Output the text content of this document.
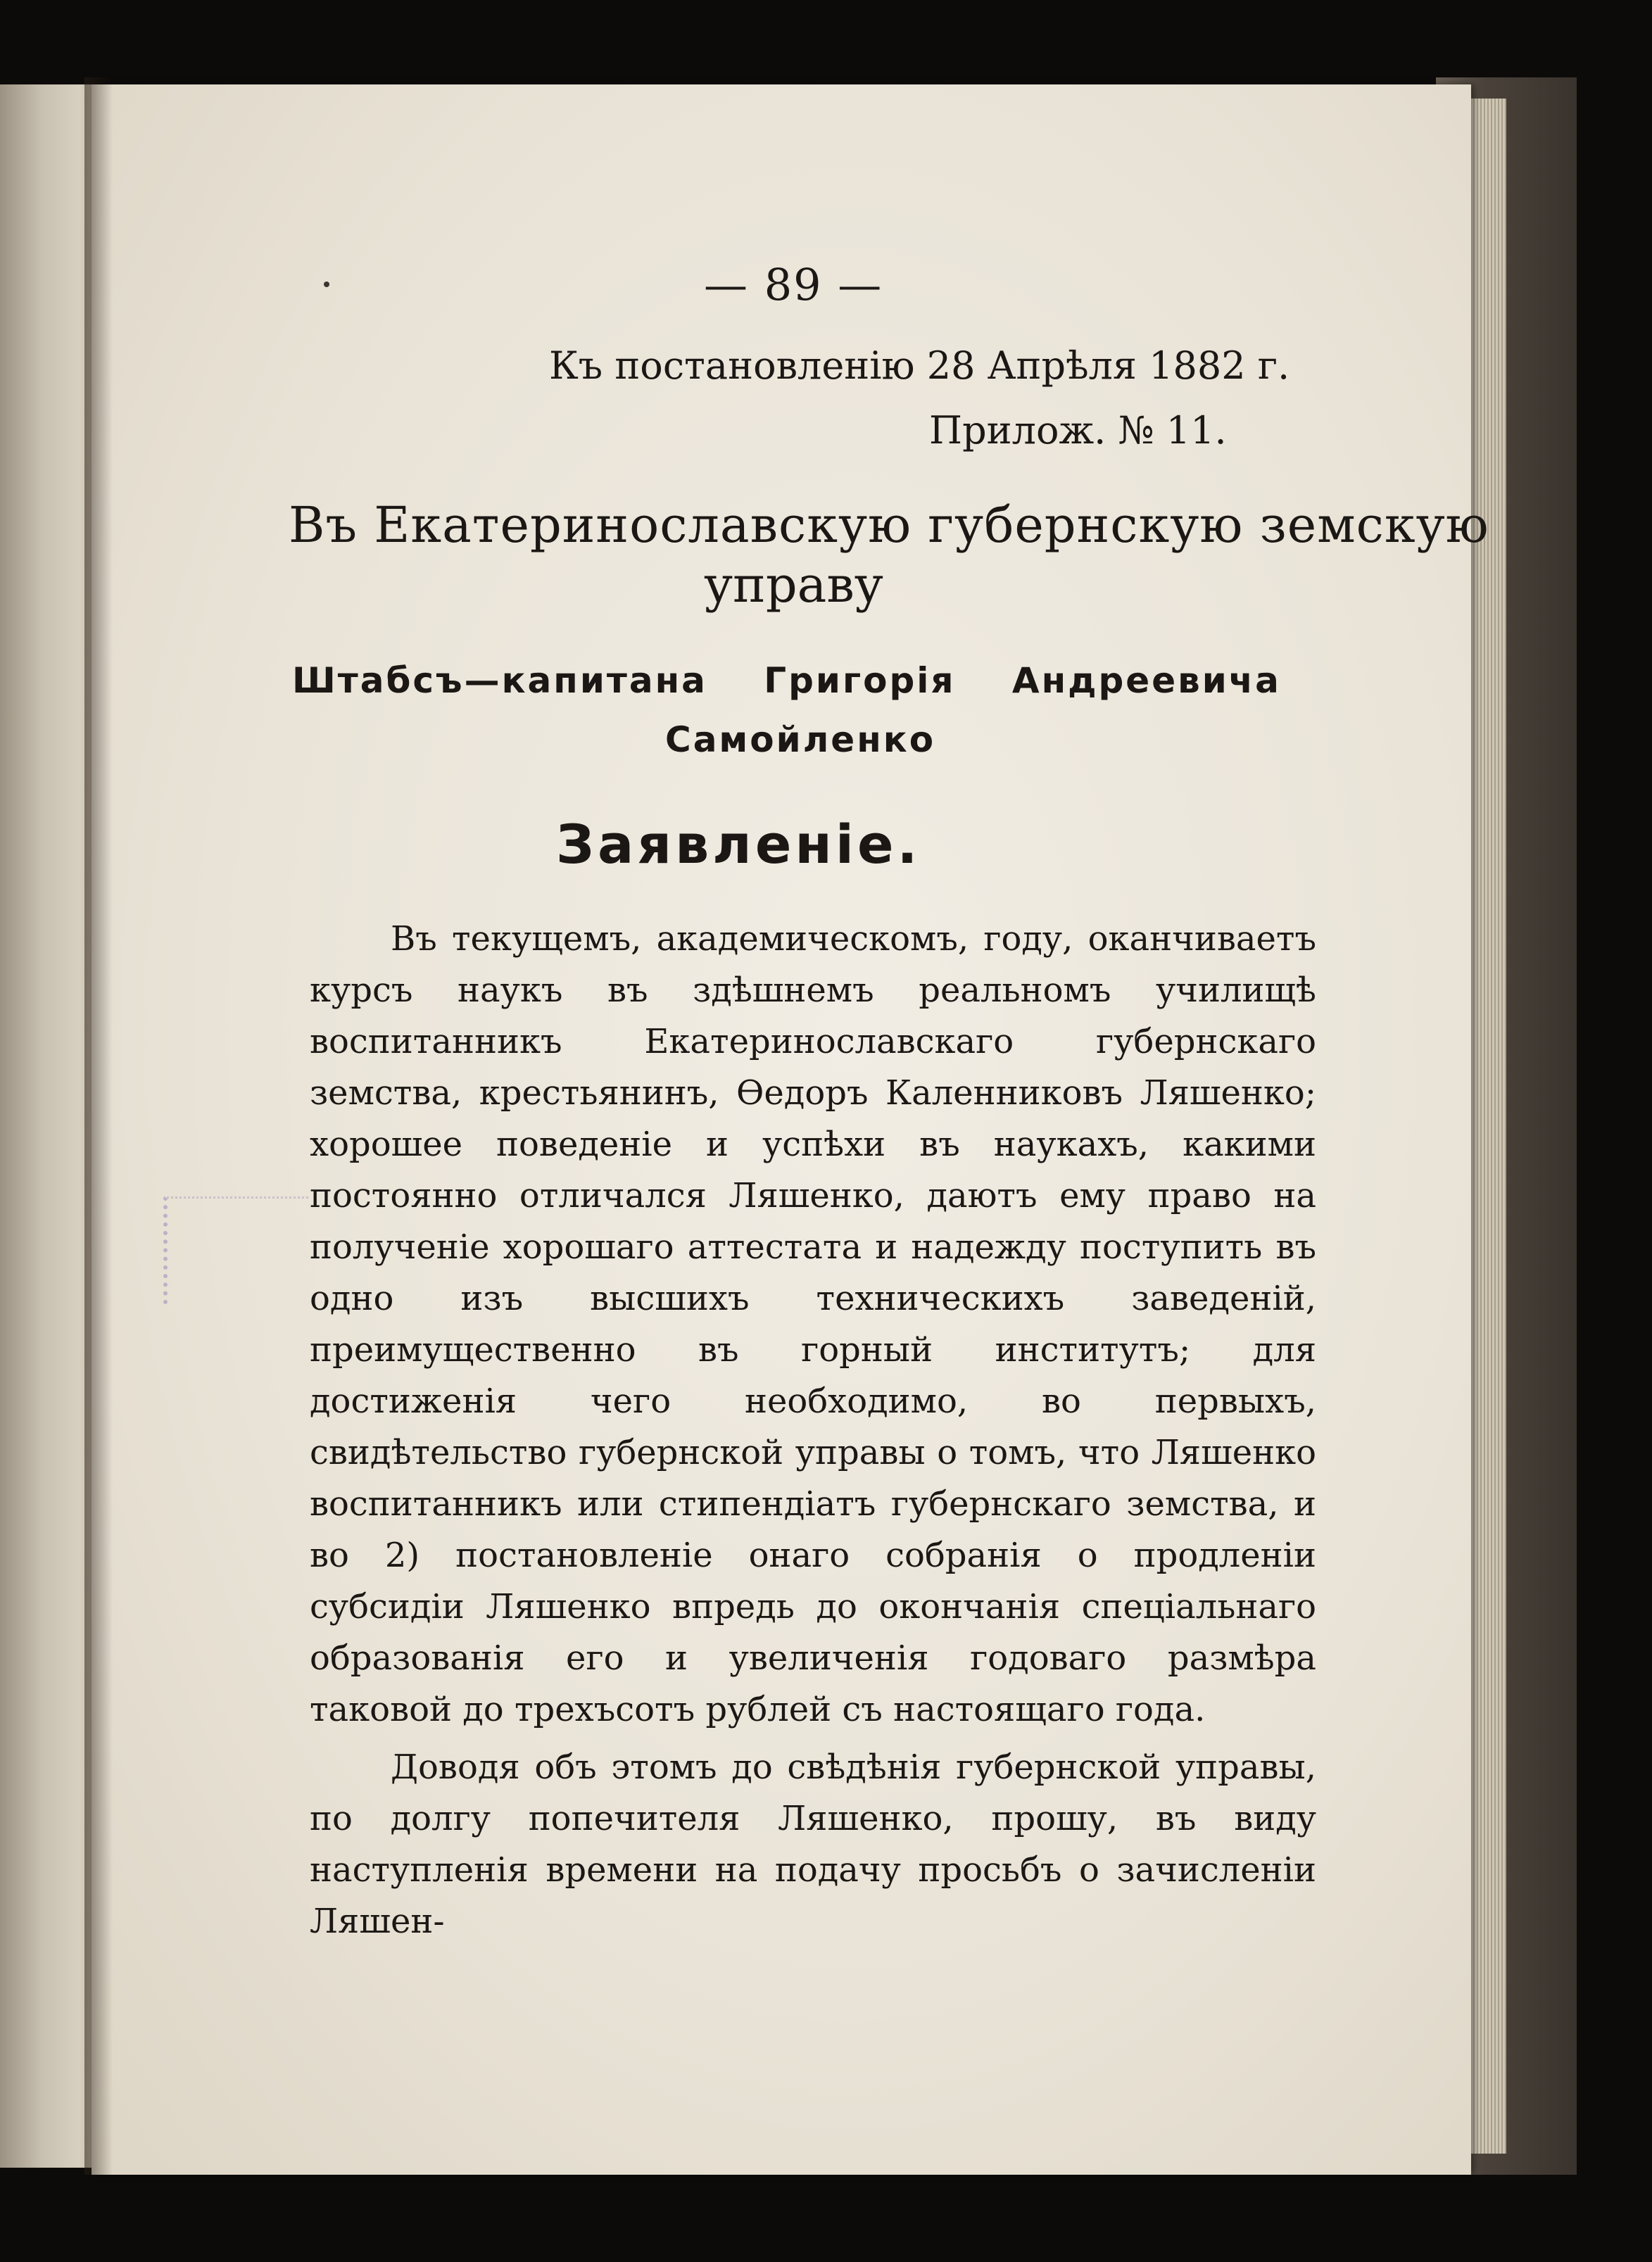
— 89 —
Къ постановленію 28 Апрѣля 1882 г.
Прилож. № 11.
Въ Екатеринославскую губернскую земскую
управу
Штабсъ—капитана Григорія Андреевича
Самойленко
Заявленіе.
Въ текущемъ, академическомъ, году, оканчиваетъ курсъ наукъ въ здѣшнемъ реальномъ училищѣ воспитанникъ Екатеринославскаго губернскаго земства, крестьянинъ, Ѳедоръ Каленниковъ Ляшенко; хорошее поведеніе и успѣхи въ наукахъ, какими постоянно отличался Ляшенко, даютъ ему право на полученіе хорошаго аттестата и надежду поступить въ одно изъ высшихъ техническихъ заведеній, преимущественно въ горный институтъ; для достиженія чего необходимо, во первыхъ, свидѣтельство губернской управы о томъ, что Ляшенко воспитанникъ или стипендіатъ губернскаго земства, и во 2) постановленіе онаго собранія о продленіи субсидіи Ляшенко впредь до окончанія спеціальнаго образованія его и увеличенія годоваго размѣра таковой до трехъсотъ рублей съ настоящаго года.
Доводя объ этомъ до свѣдѣнія губернской управы, по долгу попечителя Ляшенко, прошу, въ виду наступленія времени на подачу просьбъ о зачисленіи Ляшен-
